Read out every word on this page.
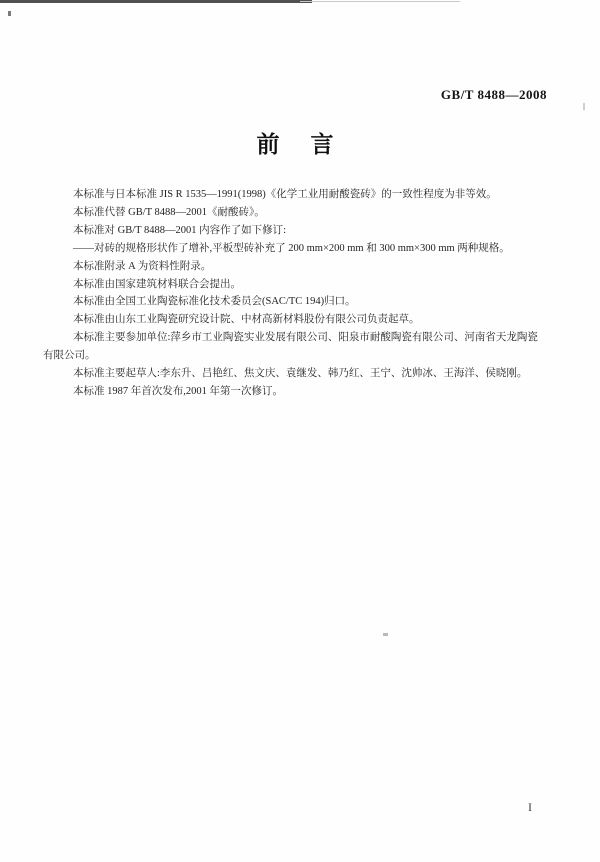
GB/T 8488—2008
前言

本标准与日本标准 JIS R 1535—1991(1998)《化学工业用耐酸瓷砖》的一致性程度为非等效。

本标准代替 GB/T 8488—2001《耐酸砖》。

本标准对 GB/T 8488—2001 内容作了如下修订:

——对砖的规格形状作了增补,平板型砖补充了 200 mm×200 mm 和 300 mm×300 mm 两种规格。

本标准附录 A 为资料性附录。

本标准由国家建筑材料联合会提出。

本标准由全国工业陶瓷标准化技术委员会(SAC/TC 194)归口。

本标准由山东工业陶瓷研究设计院、中材高新材料股份有限公司负责起草。

本标准主要参加单位:萍乡市工业陶瓷实业发展有限公司、阳泉市耐酸陶瓷有限公司、河南省天龙陶瓷有限公司。

本标准主要起草人:李东升、吕艳红、焦文庆、袁继发、韩乃红、王宁、沈帅冰、王海洋、侯晓刚。

本标准 1987 年首次发布,2001 年第一次修订。

I
